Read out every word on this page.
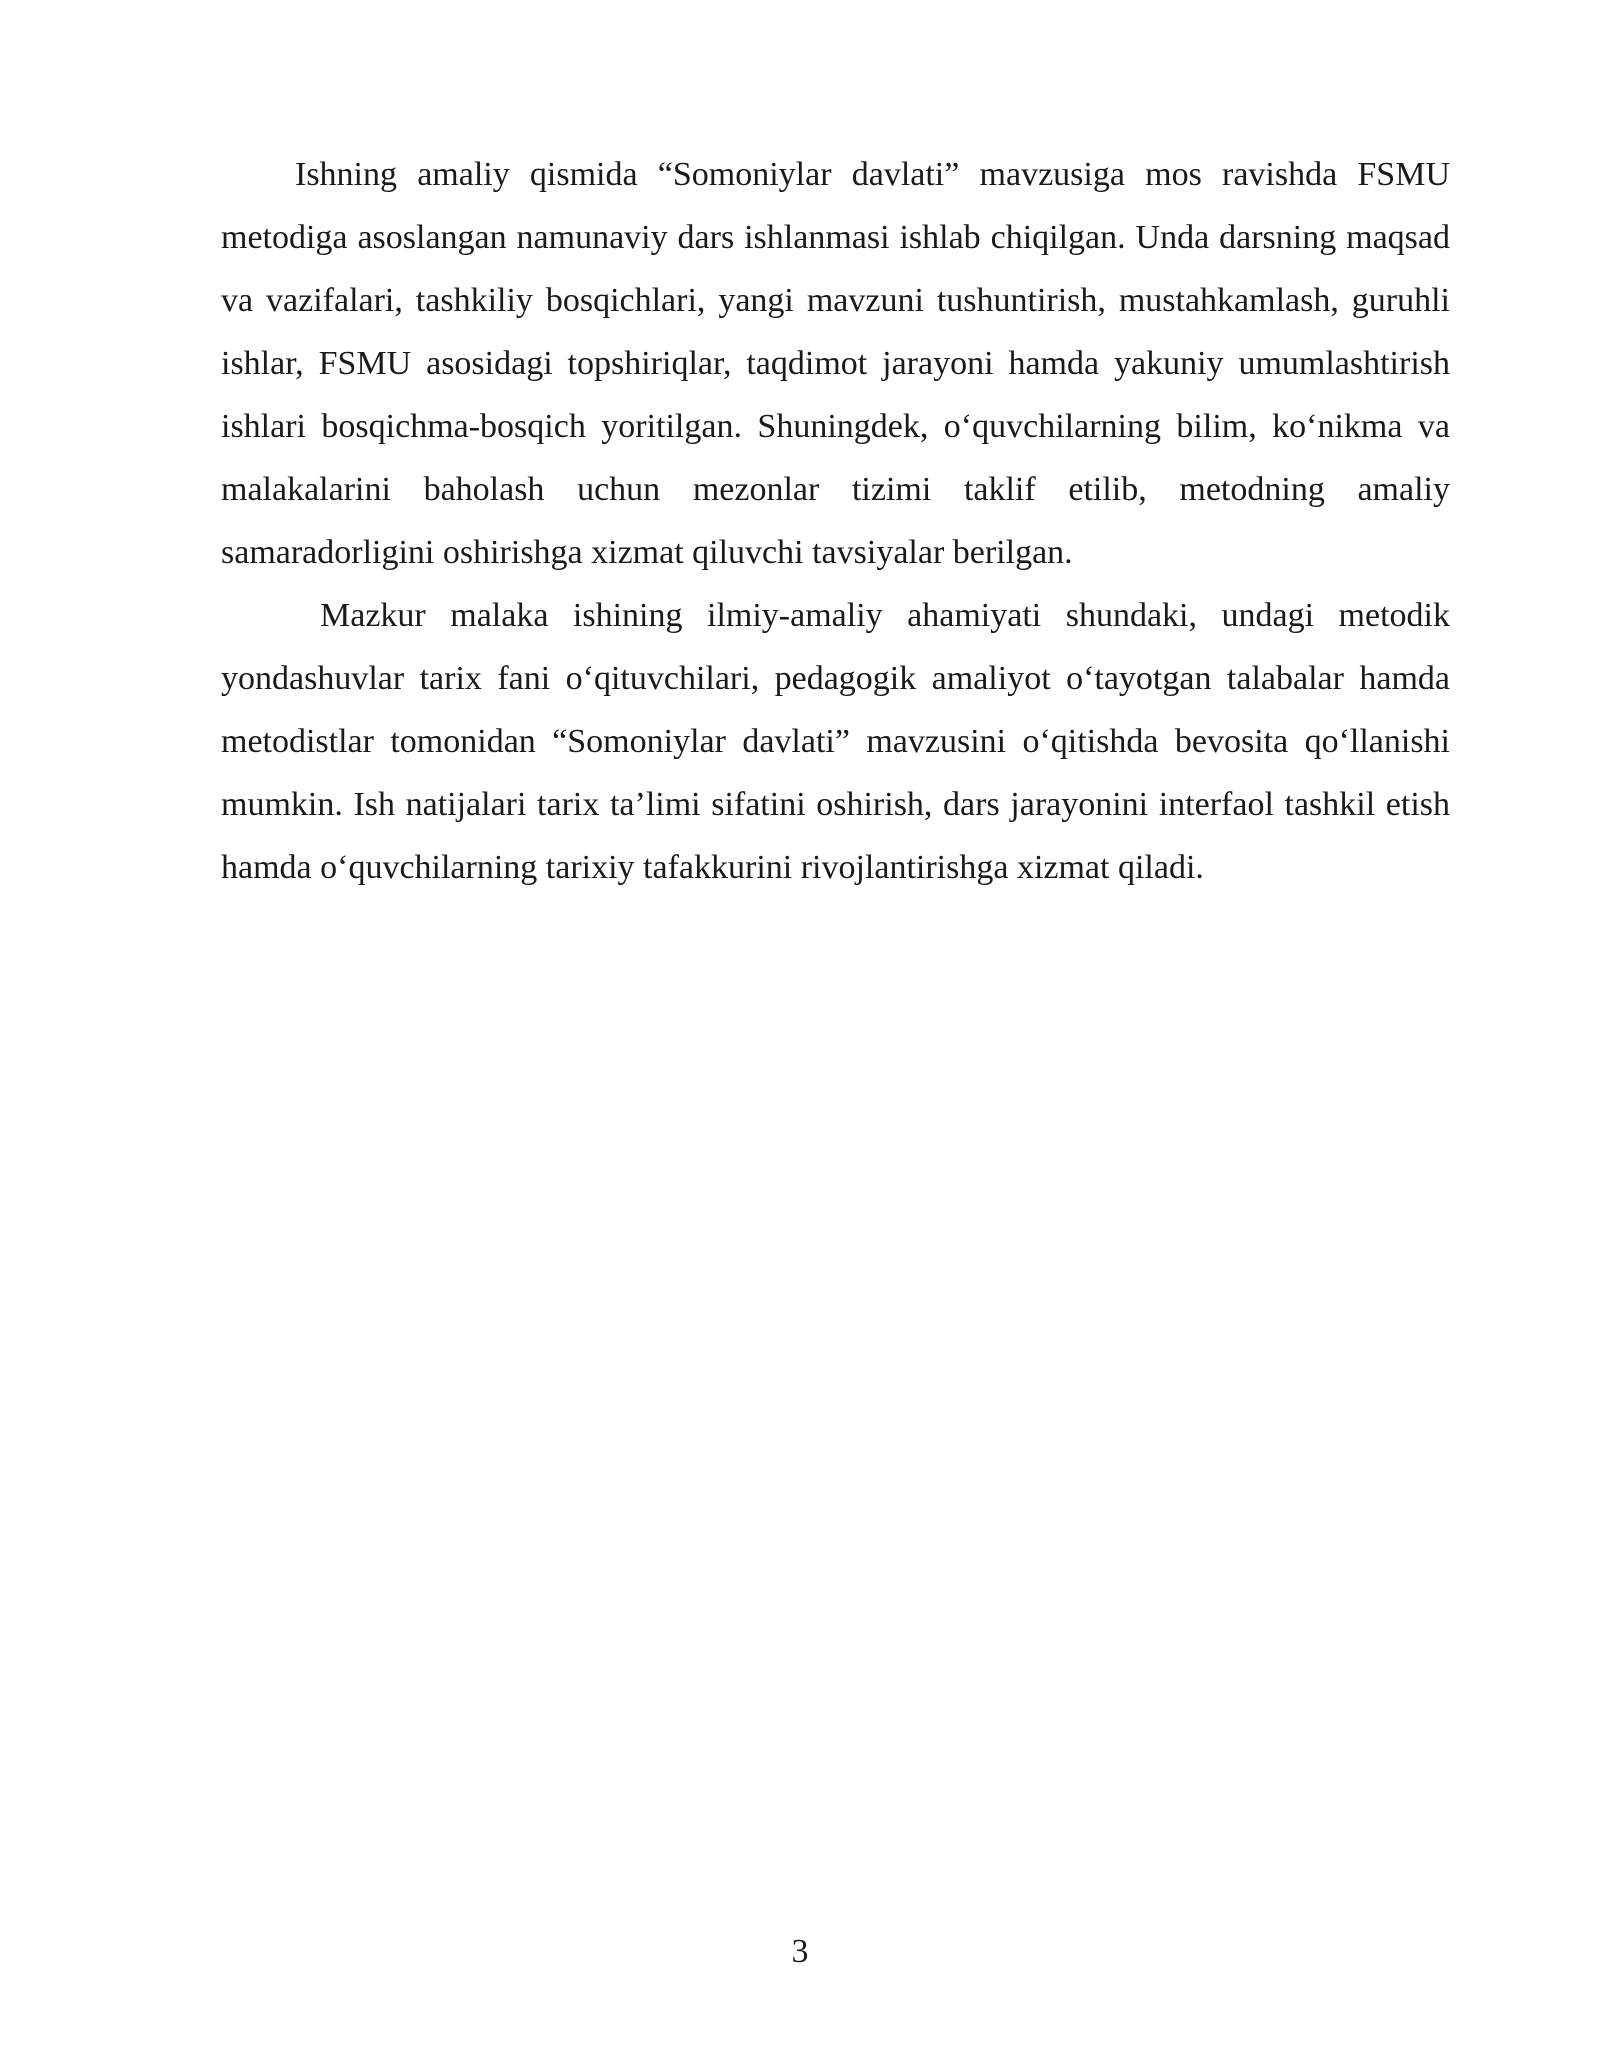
Ishning amaliy qismida “Somoniylar davlati” mavzusiga mos ravishda FSMU metodiga asoslangan namunaviy dars ishlanmasi ishlab chiqilgan. Unda darsning maqsad va vazifalari, tashkiliy bosqichlari, yangi mavzuni tushuntirish, mustahkamlash, guruhli ishlar, FSMU asosidagi topshiriqlar, taqdimot jarayoni hamda yakuniy umumlashtirish ishlari bosqichma-bosqich yoritilgan. Shuningdek, oʻquvchilarning bilim, koʻnikma va malakalarini baholash uchun mezonlar tizimi taklif etilib, metodning amaliy samaradorligini oshirishga xizmat qiluvchi tavsiyalar berilgan.

Mazkur malaka ishining ilmiy-amaliy ahamiyati shundaki, undagi metodik yondashuvlar tarix fani oʻqituvchilari, pedagogik amaliyot oʻtayotgan talabalar hamda metodistlar tomonidan “Somoniylar davlati” mavzusini oʻqitishda bevosita qoʻllanishi mumkin. Ish natijalari tarix ta’limi sifatini oshirish, dars jarayonini interfaol tashkil etish hamda oʻquvchilarning tarixiy tafakkurini rivojlantirishga xizmat qiladi.

3
